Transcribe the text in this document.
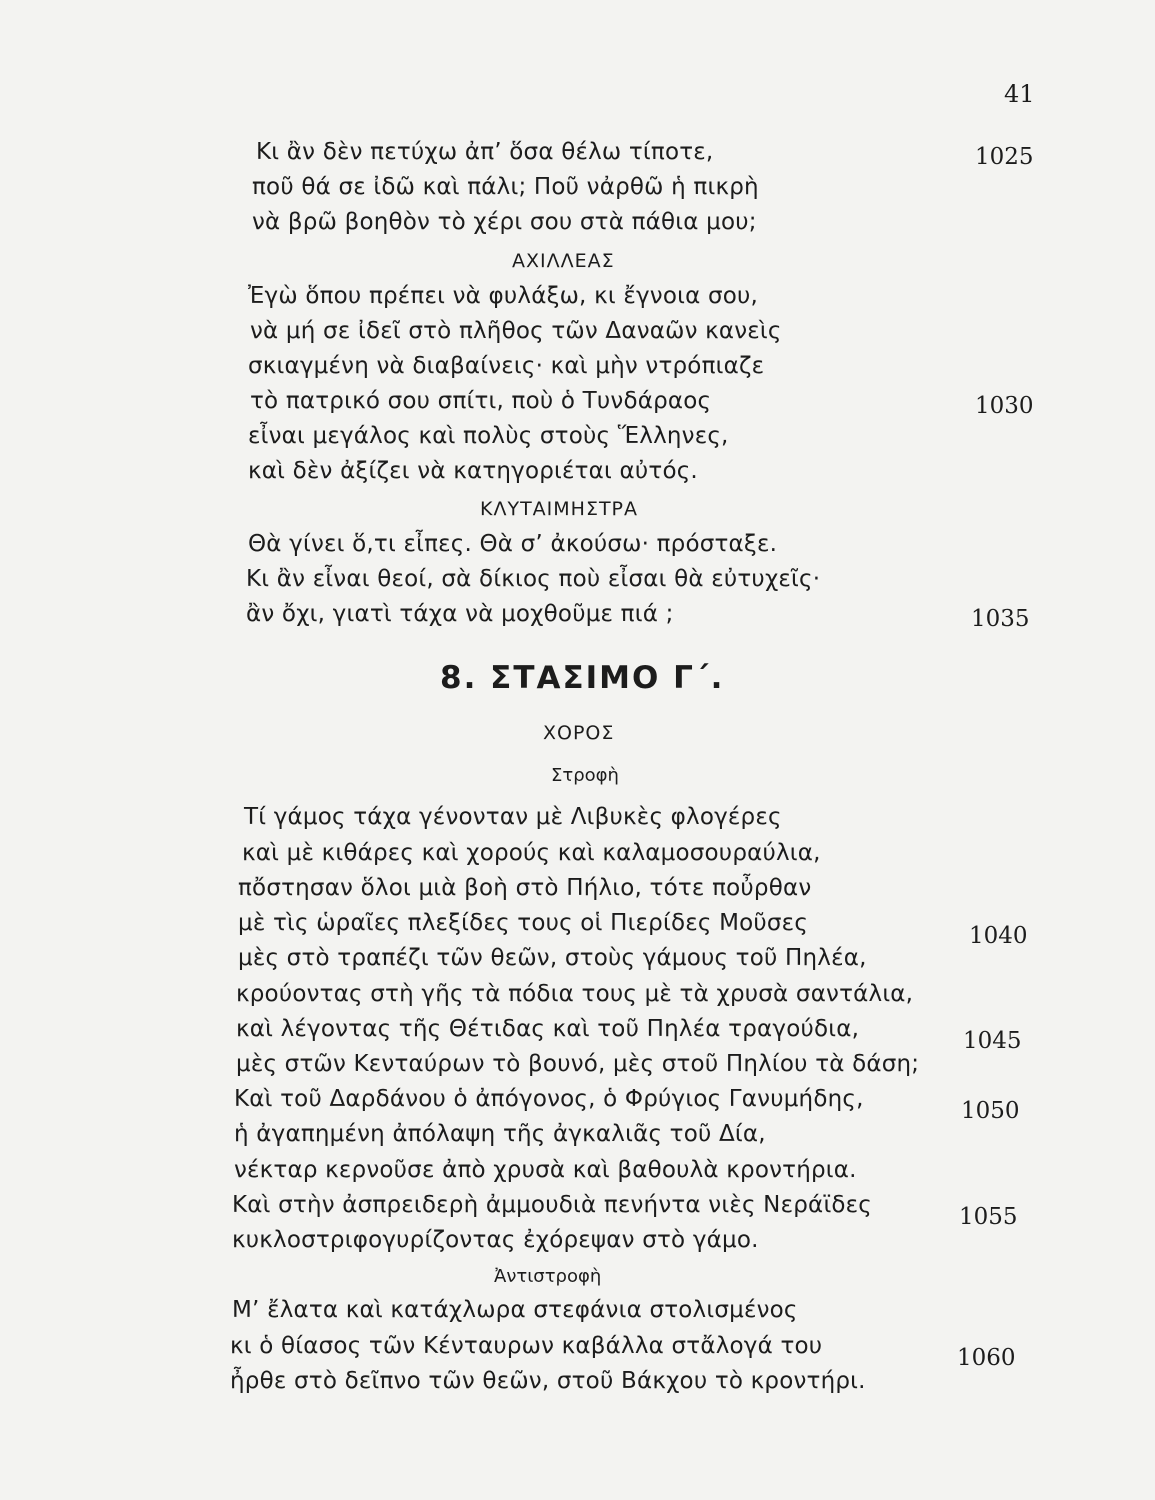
41
Κι ἂν δὲν πετύχω ἀπ’ ὅσα θέλω τίποτε,	1025
ποῦ θά σε ἰδῶ καὶ πάλι; Ποῦ νἀρθῶ ἡ πικρὴ
νὰ βρῶ βοηθὸν τὸ χέρι σου στὰ πάθια μου;
ΑΧΙΛΛΕΑΣ
Ἐγὼ ὅπου πρέπει νὰ φυλάξω, κι ἔγνοια σου,
νὰ μή σε ἰδεῖ στὸ πλῆθος τῶν Δαναῶν κανεὶς
σκιαγμένη νὰ διαβαίνεις· καὶ μὴν ντρόπιαζε
τὸ πατρικό σου σπίτι, ποὺ ὁ Τυνδάραος	1030
εἶναι μεγάλος καὶ πολὺς στοὺς Ἕλληνες,
καὶ δὲν ἀξίζει νὰ κατηγοριέται αὐτός.
ΚΛΥΤΑΙΜΗΣΤΡΑ
Θὰ γίνει ὅ,τι εἶπες. Θὰ σ’ ἀκούσω· πρόσταξε.
Κι ἂν εἶναι θεοί, σὰ δίκιος ποὺ εἶσαι θὰ εὐτυχεῖς·
ἂν ὄχι, γιατὶ τάχα νὰ μοχθοῦμε πιά ;	1035
8. ΣΤΑΣΙΜΟ Γ΄.
ΧΟΡΟΣ
Στροφὴ
Τί γάμος τάχα γένονταν μὲ Λιβυκὲς φλογέρες
καὶ μὲ κιθάρες καὶ χορούς καὶ καλαμοσουραύλια,
πὄστησαν ὅλοι μιὰ βοὴ στὸ Πήλιο, τότε ποὖρθαν
μὲ τὶς ὡραῖες πλεξίδες τους οἱ Πιερίδες Μοῦσες	1040
μὲς στὸ τραπέζι τῶν θεῶν, στοὺς γάμους τοῦ Πηλέα,
κρούοντας στὴ γῆς τὰ πόδια τους μὲ τὰ χρυσὰ σαντάλια,
καὶ λέγοντας τῆς Θέτιδας καὶ τοῦ Πηλέα τραγούδια,	1045
μὲς στῶν Κενταύρων τὸ βουνό, μὲς στοῦ Πηλίου τὰ δάση;
Καὶ τοῦ Δαρδάνου ὁ ἀπόγονος, ὁ Φρύγιος Γανυμήδης,	1050
ἡ ἀγαπημένη ἀπόλαψη τῆς ἀγκαλιᾶς τοῦ Δία,
νέκταρ κερνοῦσε ἀπὸ χρυσὰ καὶ βαθουλὰ κροντήρια.
Καὶ στὴν ἀσπρειδερὴ ἀμμουδιὰ πενήντα νιὲς Νεράϊδες	1055
κυκλοστριφογυρίζοντας ἐχόρεψαν στὸ γάμο.
Ἀντιστροφὴ
Μ’ ἔλατα καὶ κατάχλωρα στεφάνια στολισμένος
κι ὁ θίασος τῶν Κένταυρων καβάλλα στἄλογά του	1060
ἦρθε στὸ δεῖπνο τῶν θεῶν, στοῦ Βάκχου τὸ κροντήρι.
